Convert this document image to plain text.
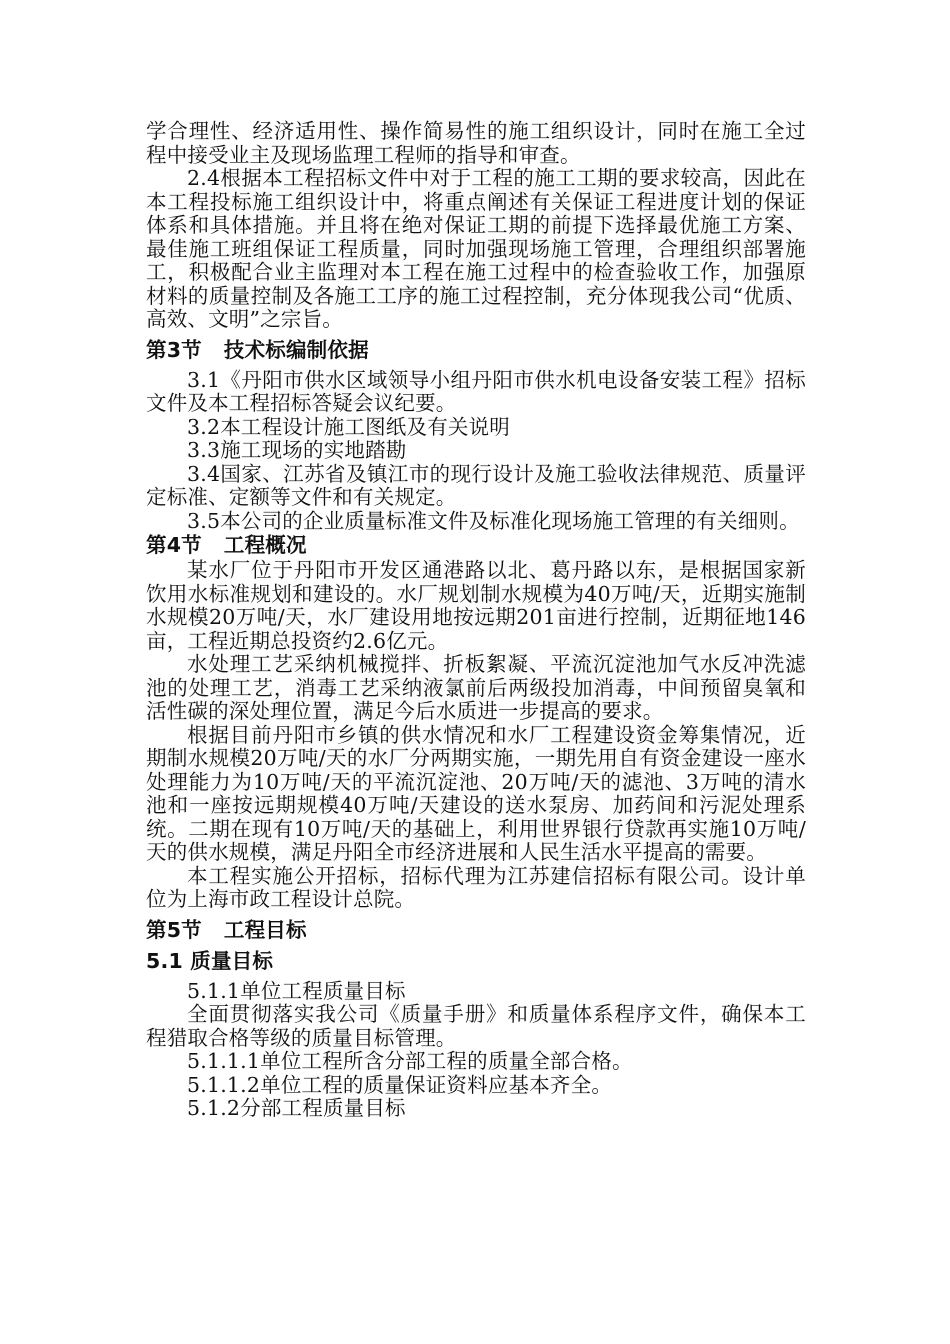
学合理性、经济适用性、操作简易性的施工组织设计，同时在施工全过程中接受业主及现场监理工程师的指导和审查。

2.4根据本工程招标文件中对于工程的施工工期的要求较高，因此在本工程投标施工组织设计中，将重点阐述有关保证工程进度计划的保证体系和具体措施。并且将在绝对保证工期的前提下选择最优施工方案、最佳施工班组保证工程质量，同时加强现场施工管理，合理组织部署施工，积极配合业主监理对本工程在施工过程中的检查验收工作，加强原材料的质量控制及各施工工序的施工过程控制，充分体现我公司“优质、高效、文明”之宗旨。

第3节   技术标编制依据

3.1《丹阳市供水区域领导小组丹阳市供水机电设备安装工程》招标文件及本工程招标答疑会议纪要。

3.2本工程设计施工图纸及有关说明

3.3施工现场的实地踏勘

3.4国家、江苏省及镇江市的现行设计及施工验收法律规范、质量评定标准、定额等文件和有关规定。

3.5本公司的企业质量标准文件及标准化现场施工管理的有关细则。

第4节   工程概况

某水厂位于丹阳市开发区通港路以北、葛丹路以东，是根据国家新饮用水标准规划和建设的。水厂规划制水规模为40万吨/天，近期实施制水规模20万吨/天，水厂建设用地按远期201亩进行控制，近期征地146亩，工程近期总投资约2.6亿元。

水处理工艺采纳机械搅拌、折板絮凝、平流沉淀池加气水反冲洗滤池的处理工艺，消毒工艺采纳液氯前后两级投加消毒，中间预留臭氧和活性碳的深处理位置，满足今后水质进一步提高的要求。

根据目前丹阳市乡镇的供水情况和水厂工程建设资金筹集情况，近期制水规模20万吨/天的水厂分两期实施，一期先用自有资金建设一座水处理能力为10万吨/天的平流沉淀池、20万吨/天的滤池、3万吨的清水池和一座按远期规模40万吨/天建设的送水泵房、加药间和污泥处理系统。二期在现有10万吨/天的基础上，利用世界银行贷款再实施10万吨/天的供水规模，满足丹阳全市经济进展和人民生活水平提高的需要。

本工程实施公开招标，招标代理为江苏建信招标有限公司。设计单位为上海市政工程设计总院。

第5节   工程目标
5.1 质量目标

5.1.1单位工程质量目标

全面贯彻落实我公司《质量手册》和质量体系程序文件，确保本工程猎取合格等级的质量目标管理。

5.1.1.1单位工程所含分部工程的质量全部合格。

5.1.1.2单位工程的质量保证资料应基本齐全。

5.1.2分部工程质量目标
